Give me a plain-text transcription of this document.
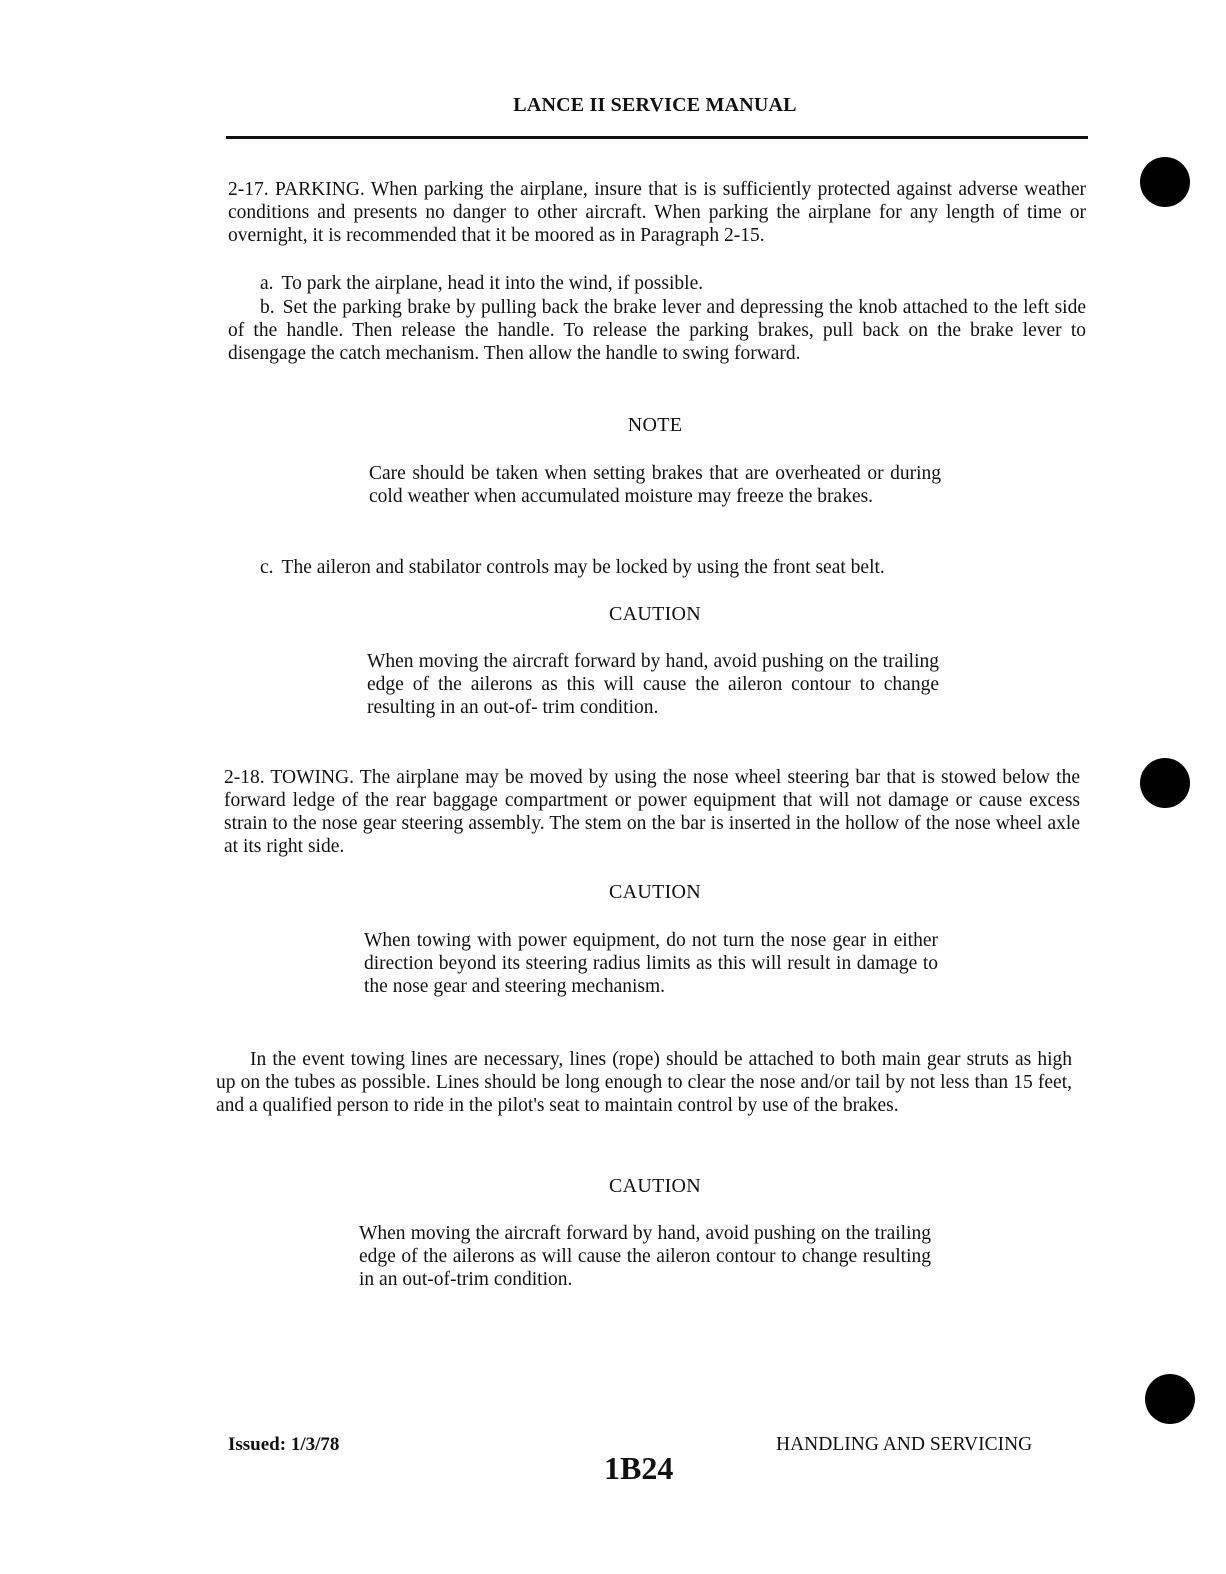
LANCE II SERVICE MANUAL

2-17. PARKING. When parking the airplane, insure that is is sufficiently protected against adverse weather conditions and presents no danger to other aircraft. When parking the airplane for any length of time or overnight, it is recommended that it be moored as in Paragraph 2-15.

a. To park the airplane, head it into the wind, if possible.

b. Set the parking brake by pulling back the brake lever and depressing the knob attached to the left side of the handle. Then release the handle. To release the parking brakes, pull back on the brake lever to disengage the catch mechanism. Then allow the handle to swing forward.

NOTE
Care should be taken when setting brakes that are overheated or during cold weather when accumulated moisture may freeze the brakes.

c. The aileron and stabilator controls may be locked by using the front seat belt.

CAUTION
When moving the aircraft forward by hand, avoid pushing on the trailing edge of the ailerons as this will cause the aileron contour to change resulting in an out-of- trim condition.

2-18. TOWING. The airplane may be moved by using the nose wheel steering bar that is stowed below the forward ledge of the rear baggage compartment or power equipment that will not damage or cause excess strain to the nose gear steering assembly. The stem on the bar is inserted in the hollow of the nose wheel axle at its right side.

CAUTION
When towing with power equipment, do not turn the nose gear in either direction beyond its steering radius limits as this will result in damage to the nose gear and steering mechanism.

In the event towing lines are necessary, lines (rope) should be attached to both main gear struts as high up on the tubes as possible. Lines should be long enough to clear the nose and/or tail by not less than 15 feet, and a qualified person to ride in the pilot's seat to maintain control by use of the brakes.

CAUTION
When moving the aircraft forward by hand, avoid pushing on the trailing edge of the ailerons as will cause the aileron contour to change resulting in an out-of-trim condition.
Issued: 1/3/78
1B24
HANDLING AND SERVICING
